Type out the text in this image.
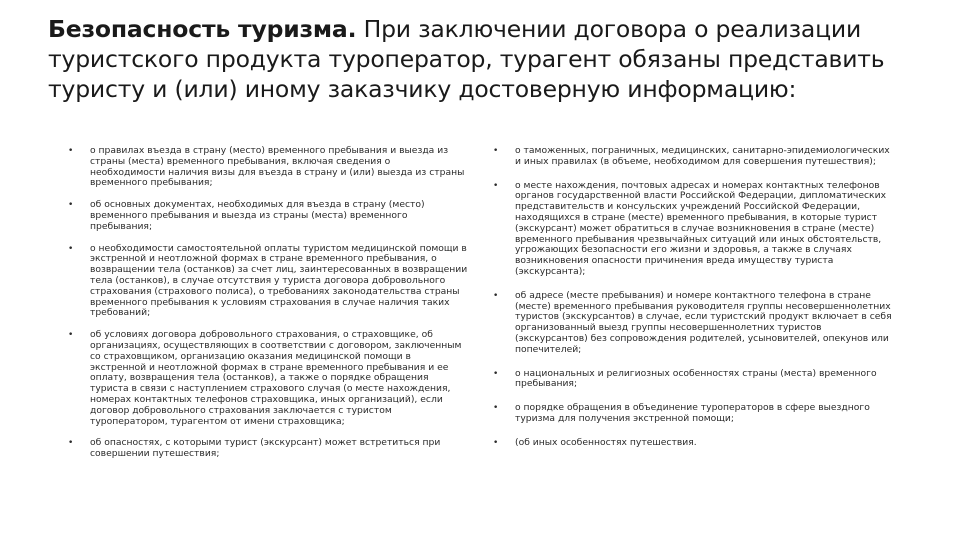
Безопасность туризма. При заключении договора о реализации туристского продукта туроператор, турагент обязаны представить туристу и (или) иному заказчику достоверную информацию:
• о правилах въезда в страну (место) временного пребывания и выезда из страны (места) временного пребывания, включая сведения о необходимости наличия визы для въезда в страну и (или) выезда из страны временного пребывания;
• об основных документах, необходимых для въезда в страну (место) временного пребывания и выезда из страны (места) временного пребывания;
• о необходимости самостоятельной оплаты туристом медицинской помощи в экстренной и неотложной формах в стране временного пребывания, о возвращении тела (останков) за счет лиц, заинтересованных в возвращении тела (останков), в случае отсутствия у туриста договора добровольного страхования (страхового полиса), о требованиях законодательства страны временного пребывания к условиям страхования в случае наличия таких требований;
• об условиях договора добровольного страхования, о страховщике, об организациях, осуществляющих в соответствии с договором, заключенным со страховщиком, организацию оказания медицинской помощи в экстренной и неотложной формах в стране временного пребывания и ее оплату, возвращения тела (останков), а также о порядке обращения туриста в связи с наступлением страхового случая (о месте нахождения, номерах контактных телефонов страховщика, иных организаций), если договор добровольного страхования заключается с туристом туроператором, турагентом от имени страховщика;
• об опасностях, с которыми турист (экскурсант) может встретиться при совершении путешествия;
• о таможенных, пограничных, медицинских, санитарно-эпидемиологических и иных правилах (в объеме, необходимом для совершения путешествия);
• о месте нахождения, почтовых адресах и номерах контактных телефонов органов государственной власти Российской Федерации, дипломатических представительств и консульских учреждений Российской Федерации, находящихся в стране (месте) временного пребывания, в которые турист (экскурсант) может обратиться в случае возникновения в стране (месте) временного пребывания чрезвычайных ситуаций или иных обстоятельств, угрожающих безопасности его жизни и здоровья, а также в случаях возникновения опасности причинения вреда имуществу туриста (экскурсанта);
• об адресе (месте пребывания) и номере контактного телефона в стране (месте) временного пребывания руководителя группы несовершеннолетних туристов (экскурсантов) в случае, если туристский продукт включает в себя организованный выезд группы несовершеннолетних туристов (экскурсантов) без сопровождения родителей, усыновителей, опекунов или попечителей;
• о национальных и религиозных особенностях страны (места) временного пребывания;
• о порядке обращения в объединение туроператоров в сфере выездного туризма для получения экстренной помощи;
• (об иных особенностях путешествия.
